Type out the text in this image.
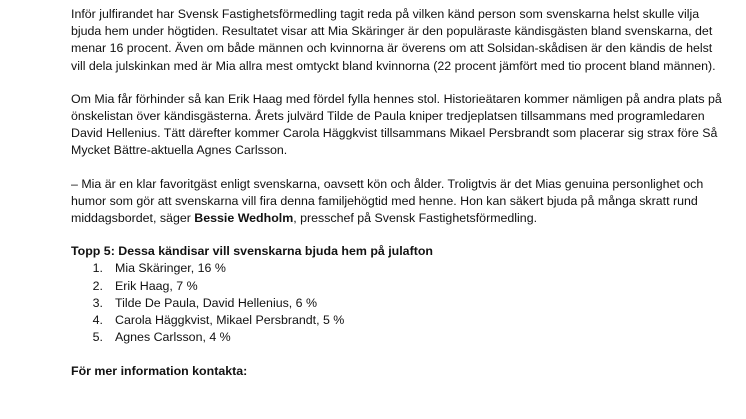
Inför julfirandet har Svensk Fastighetsförmedling tagit reda på vilken känd person som svenskarna helst skulle vilja bjuda hem under högtiden. Resultatet visar att Mia Skäringer är den populäraste kändisgästen bland svenskarna, det menar 16 procent. Även om både männen och kvinnorna är överens om att Solsidan-skådisen är den kändis de helst vill dela julskinkan med är Mia allra mest omtyckt bland kvinnorna (22 procent jämfört med tio procent bland männen).

Om Mia får förhinder så kan Erik Haag med fördel fylla hennes stol. Historieätaren kommer nämligen på andra plats på önskelistan över kändisgästerna. Årets julvärd Tilde de Paula kniper tredjeplatsen tillsammans med programledaren David Hellenius. Tätt därefter kommer Carola Häggkvist tillsammans Mikael Persbrandt som placerar sig strax före Så Mycket Bättre-aktuella Agnes Carlsson.

– Mia är en klar favoritgäst enligt svenskarna, oavsett kön och ålder. Troligtvis är det Mias genuina personlighet och humor som gör att svenskarna vill fira denna familjehögtid med henne. Hon kan säkert bjuda på många skratt rund middagsbordet, säger Bessie Wedholm, presschef på Svensk Fastighetsförmedling.

Topp 5: Dessa kändisar vill svenskarna bjuda hem på julafton
1. Mia Skäringer, 16 %
2. Erik Haag, 7 %
3. Tilde De Paula, David Hellenius, 6 %
4. Carola Häggkvist, Mikael Persbrandt, 5 %
5. Agnes Carlsson, 4 %
För mer information kontakta:
